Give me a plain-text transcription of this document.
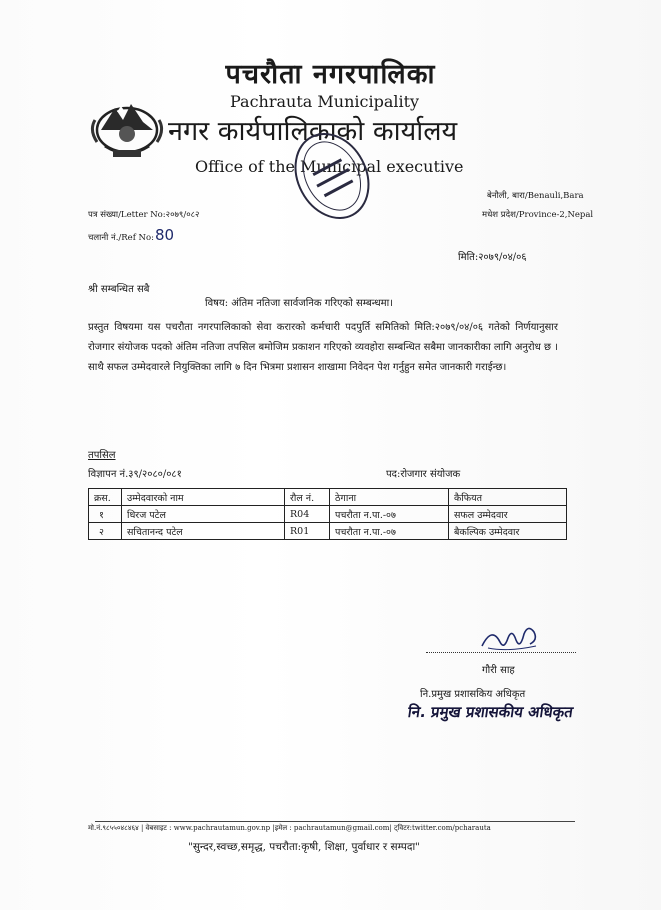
पचरौता नगरपालिका
Pachrauta Municipality
नगर कार्यपालिकाको कार्यालय
Office of the Municipal executive
बेनौली, बारा/Benauli,Bara
मधेश प्रदेश/Province-2,Nepal
पत्र संख्या/Letter No:२०७९/०८२
चलानी नं./Ref No:80
मिति:२०७९/०४/०६
श्री सम्बन्धित सबै
विषय: अंतिम नतिजा सार्वजनिक गरिएको सम्बन्धमा।
प्रस्तुत विषयमा यस पचरौता नगरपालिकाको सेवा करारको कर्मचारी पदपुर्ति समितिको मिति:२०७९/०४/०६ गतेको निर्णयानुसार रोजगार संयोजक पदको अंतिम नतिजा तपसिल बमोजिम प्रकाशन गरिएको व्यवहोरा सम्बन्धित सबैमा जानकारीका लागि अनुरोध छ ।साथै सफल उम्मेदवारले नियुक्तिका लागि ७ दिन भित्रमा प्रशासन शाखामा निवेदन पेश गर्नुहुन समेत जानकारी गराईन्छ।
तपसिल
विज्ञापन नं.३९/२०८०/०८१	पद:रोजगार संयोजक
क्रस.	उम्मेदवारको नाम	रौल नं.	ठेगाना	कैफियत
१	धिरज पटेल	R04	पचरौता न.पा.-०७	सफल उम्मेदवार
२	सचितानन्द पटेल	R01	पचरौता न.पा.-०७	बैकल्पिक उम्मेदवार
गौरी साह
नि.प्रमुख प्रशासकिय अधिकृत
नि. प्रमुख प्रशासकीय अधिकृत
मो.नं.९८५५०४८४६४ | वेबसाइट : www.pachrautamun.gov.np |इमेल : pachrautamun@gmail.com| ट्विटर:twitter.com/pcharauta
"सुन्दर,स्वच्छ,समृद्ध, पचरौता:कृषी, शिक्षा, पुर्वाधार र सम्पदा"
